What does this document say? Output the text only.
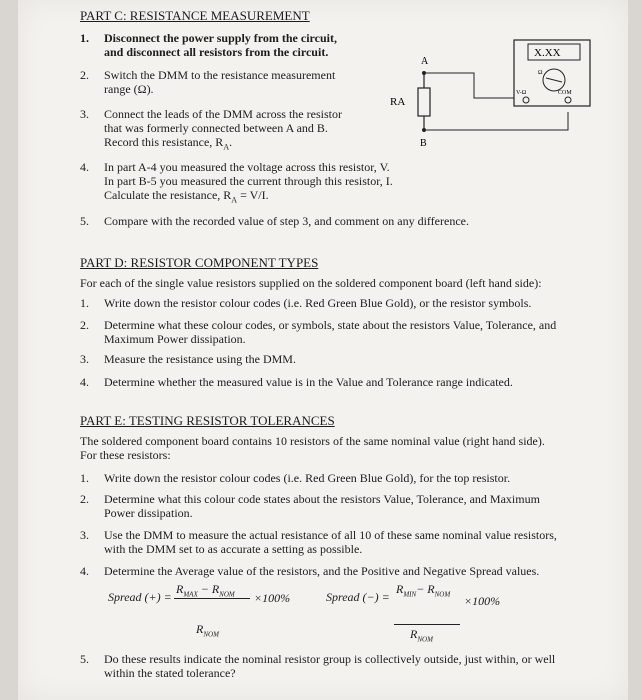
PART C: RESISTANCE MEASUREMENT
1. Disconnect the power supply from the circuit,
and disconnect all resistors from the circuit.
2. Switch the DMM to the resistance measurement
range (Ω).
3. Connect the leads of the DMM across the resistor
that was formerly connected between A and B.
Record this resistance, $R_A$.
4. In part A-4 you measured the voltage across this resistor, V.
In part B-5 you measured the current through this resistor, I.
Calculate the resistance, $R_A = V/I$.
5. Compare with the recorded value of step 3, and comment on any difference.
A
RA
B
X.XX
Ω
V-Ω	COM
PART D: RESISTOR COMPONENT TYPES
For each of the single value resistors supplied on the soldered component board (left hand side):
1. Write down the resistor colour codes (i.e. Red Green Blue Gold), or the resistor symbols.
2. Determine what these colour codes, or symbols, state about the resistors Value, Tolerance, and
Maximum Power dissipation.
3. Measure the resistance using the DMM.
4. Determine whether the measured value is in the Value and Tolerance range indicated.
PART E: TESTING RESISTOR TOLERANCES
The soldered component board contains 10 resistors of the same nominal value (right hand side).
For these resistors:
1. Write down the resistor colour codes (i.e. Red Green Blue Gold), for the top resistor.
2. Determine what this colour code states about the resistors Value, Tolerance, and Maximum
Power dissipation.
3. Use the DMM to measure the actual resistance of all 10 of these same nominal value resistors,
with the DMM set to as accurate a setting as possible.
4. Determine the Average value of the resistors, and the Positive and Negative Spread values.
Spread (+) =
$R_{MAX} - R_{NOM} \times 100\%$
$R_{NOM}$
Spread (−) =
$R_{MIN}- R_{NOM} \times 100\%$
$R_{NOM}$
5. Do these results indicate the nominal resistor group is collectively outside, just within, or well
within the stated tolerance?
